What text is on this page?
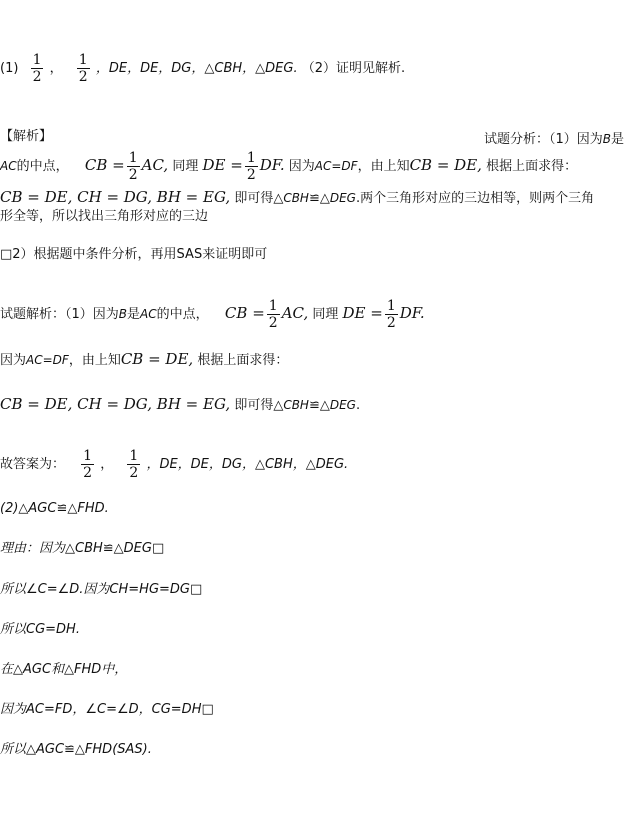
$(1) \frac{1}{2}$ ， $\frac{1}{2}$ ，DE，DE，DG，△CBH，△DEG. （2）证明见解析.
【解析】	试题分析：（1）因为B是
AC的中点， CB = $\frac{1}{2}$ AC, 同理 DE = $\frac{1}{2}$ DF. 因为AC=DF，由上知CB = DE, 根据上面求得：
CB = DE, CH = DG, BH = EG, 即可得△CBH≌△DEG.两个三角形对应的三边相等，则两个三角
形全等，所以找出三角形对应的三边
□2）根据题中条件分析，再用SAS来证明即可
试题解析：（1）因为B是AC的中点， CB = $\frac{1}{2}$ AC, 同理 DE = $\frac{1}{2}$ DF.
因为AC=DF，由上知CB = DE, 根据上面求得：
CB = DE, CH = DG, BH = EG, 即可得△CBH≌△DEG.
故答案为： $\frac{1}{2}$ ， $\frac{1}{2}$ ，DE，DE，DG，△CBH，△DEG.
(2)△AGC≌△FHD.
理由：因为△CBH≌△DEG□
所以∠C=∠D.因为CH=HG=DG□
所以CG=DH.
在△AGC和△FHD中，
因为AC=FD，∠C=∠D，CG=DH□
所以△AGC≌△FHD(SAS).
